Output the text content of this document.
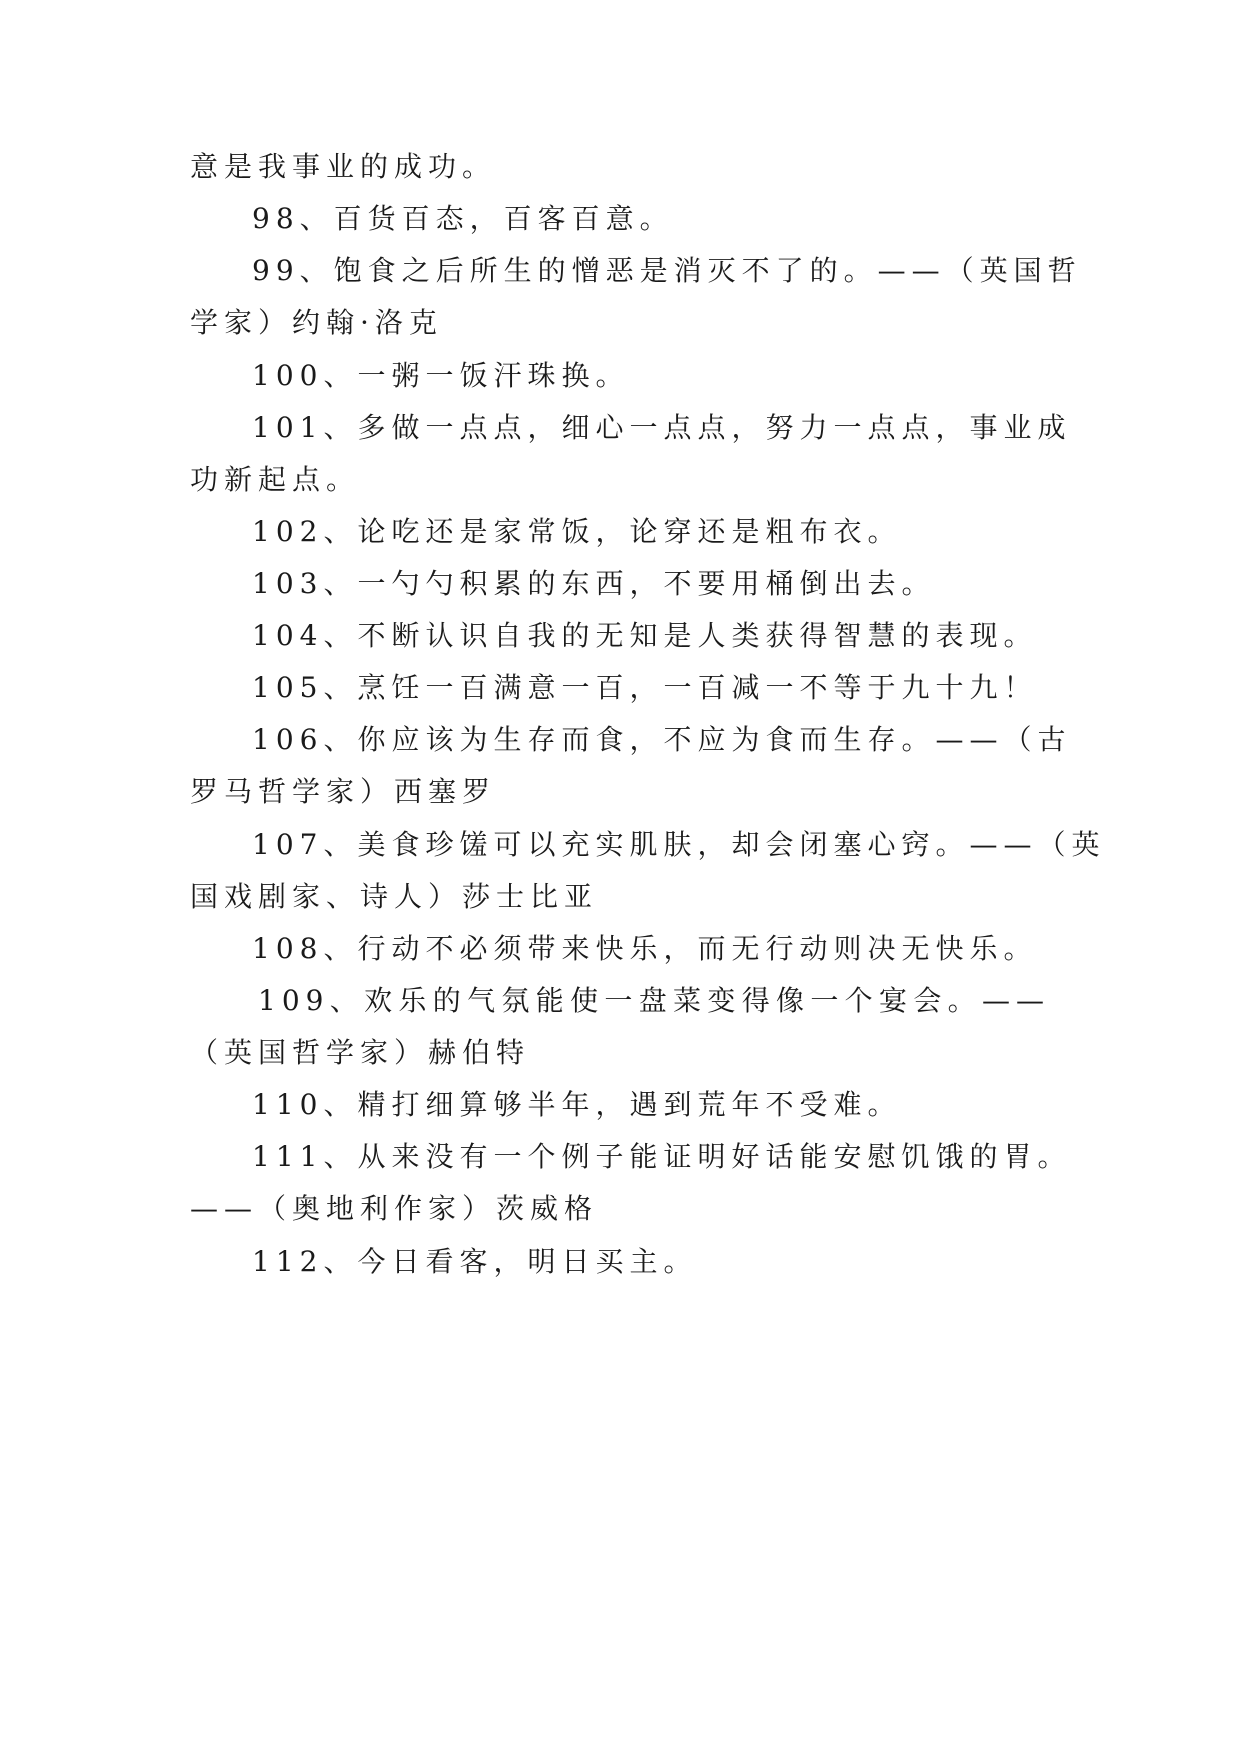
意是我事业的成功。
98、百货百态，百客百意。
99、饱食之后所生的憎恶是消灭不了的。——（英国哲
学家）约翰·洛克
100、一粥一饭汗珠换。
101、多做一点点，细心一点点，努力一点点，事业成
功新起点。
102、论吃还是家常饭，论穿还是粗布衣。
103、一勺勺积累的东西，不要用桶倒出去。
104、不断认识自我的无知是人类获得智慧的表现。
105、烹饪一百满意一百，一百减一不等于九十九！
106、你应该为生存而食，不应为食而生存。——（古
罗马哲学家）西塞罗
107、美食珍馐可以充实肌肤，却会闭塞心窍。——（英
国戏剧家、诗人）莎士比亚
108、行动不必须带来快乐，而无行动则决无快乐。
109、欢乐的气氛能使一盘菜变得像一个宴会。——
（英国哲学家）赫伯特
110、精打细算够半年，遇到荒年不受难。
111、从来没有一个例子能证明好话能安慰饥饿的胃。
——（奥地利作家）茨威格
112、今日看客，明日买主。
